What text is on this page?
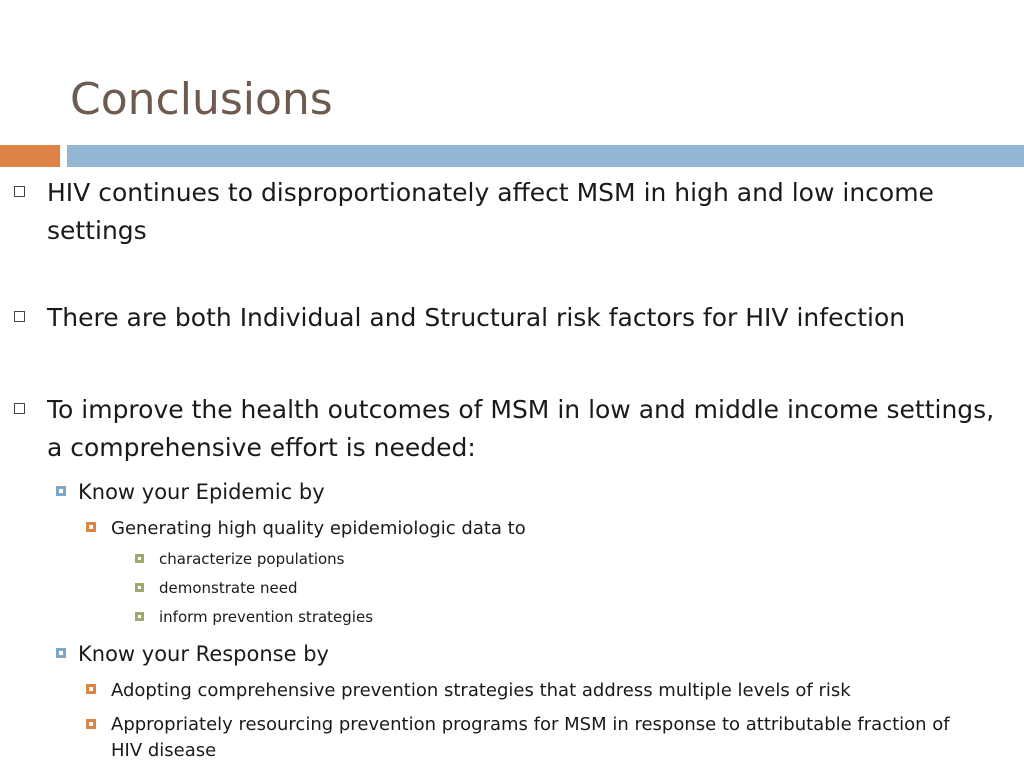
Conclusions
HIV continues to disproportionately affect MSM in high and low income settings
There are both Individual and Structural risk factors for HIV infection
To improve the health outcomes of MSM in low and middle income settings, a comprehensive effort is needed:
Know your Epidemic by
Generating high quality epidemiologic data to
characterize populations
demonstrate need
inform prevention strategies
Know your Response by
Adopting comprehensive prevention strategies that address multiple levels of risk
Appropriately resourcing prevention programs for MSM in response to attributable fraction of HIV disease
